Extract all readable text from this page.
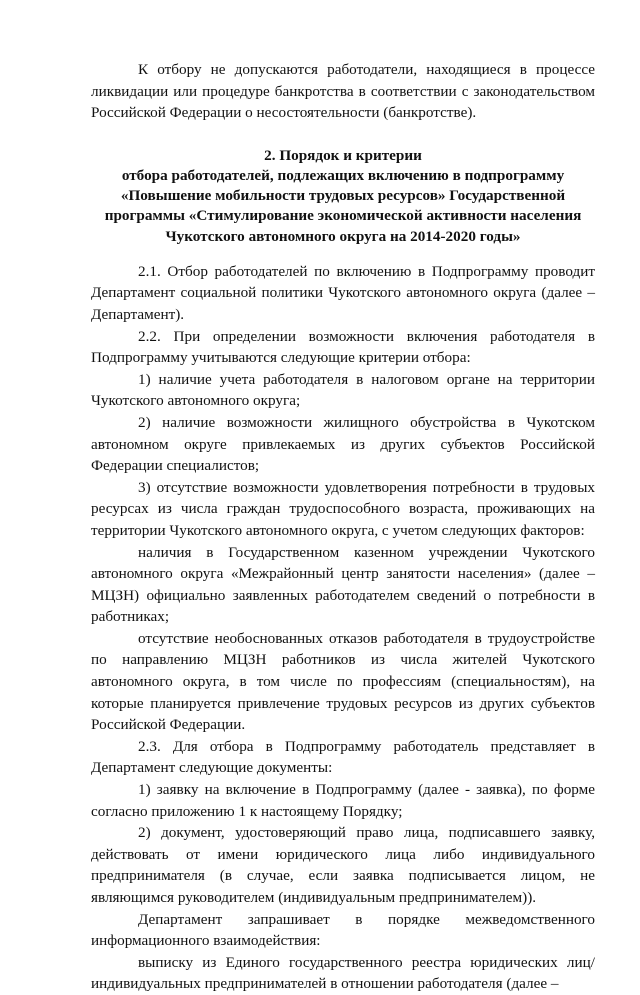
К отбору не допускаются работодатели, находящиеся в процессе ликвидации или процедуре банкротства в соответствии с законодательством Российской Федерации о несостоятельности (банкротстве).

2. Порядок и критерии
отбора работодателей, подлежащих включению в подпрограмму
«Повышение мобильности трудовых ресурсов» Государственной
программы «Стимулирование экономической активности населения
Чукотского автономного округа на 2014-2020 годы»

2.1. Отбор работодателей по включению в Подпрограмму проводит Департамент социальной политики Чукотского автономного округа (далее – Департамент).

2.2. При определении возможности включения работодателя в Подпрограмму учитываются следующие критерии отбора:

1) наличие учета работодателя в налоговом органе на территории Чукотского автономного округа;

2) наличие возможности жилищного обустройства в Чукотском автономном округе привлекаемых из других субъектов Российской Федерации специалистов;

3) отсутствие возможности удовлетворения потребности в трудовых ресурсах из числа граждан трудоспособного возраста, проживающих на территории Чукотского автономного округа, с учетом следующих факторов:

наличия в Государственном казенном учреждении Чукотского автономного округа «Межрайонный центр занятости населения» (далее – МЦЗН) официально заявленных работодателем сведений о потребности в работниках;

отсутствие необоснованных отказов работодателя в трудоустройстве по направлению МЦЗН работников из числа жителей Чукотского автономного округа, в том числе по профессиям (специальностям), на которые планируется привлечение трудовых ресурсов из других субъектов Российской Федерации.

2.3. Для отбора в Подпрограмму работодатель представляет в Департамент следующие документы:

1) заявку на включение в Подпрограмму (далее - заявка), по форме согласно приложению 1 к настоящему Порядку;

2) документ, удостоверяющий право лица, подписавшего заявку, действовать от имени юридического лица либо индивидуального предпринимателя (в случае, если заявка подписывается лицом, не являющимся руководителем (индивидуальным предпринимателем)).

Департамент запрашивает в порядке межведомственного информационного взаимодействия:

выписку из Единого государственного реестра юридических лиц/индивидуальных предпринимателей в отношении работодателя (далее –
